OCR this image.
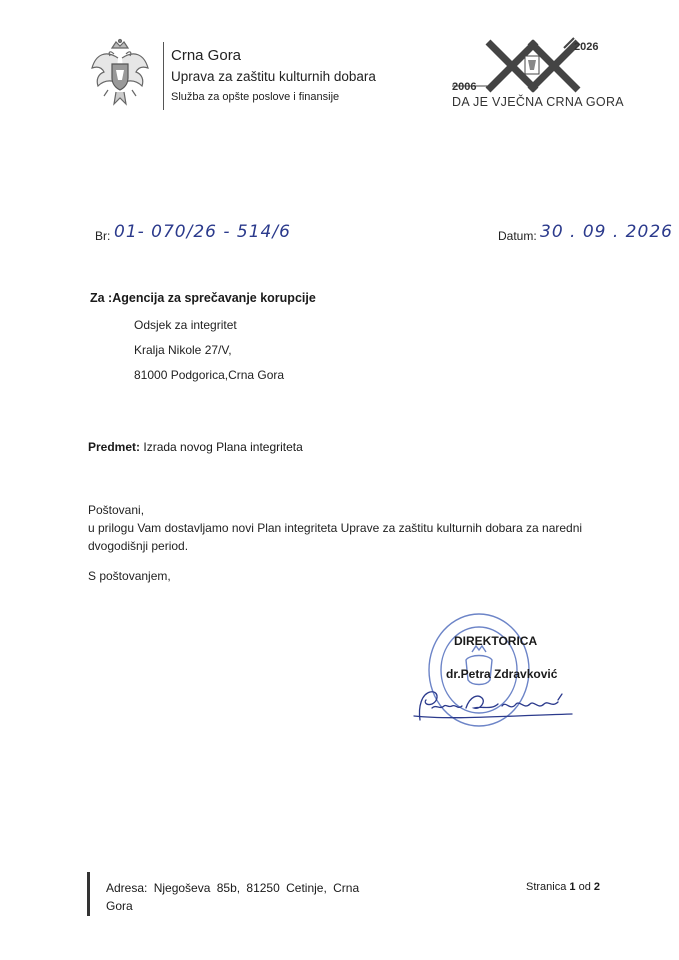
Crna Gora
Uprava za zaštitu kulturnih dobara
Služba za opšte poslove i finansije
2026
2006
DA JE VJEČNA CRNA GORA
Br: 01- 070/26 - 514/6	Datum: 30 . 09 . 2026
Za :Agencija za sprečavanje korupcije
Odsjek za integritet
Kralja Nikole 27/V,
81000 Podgorica,Crna Gora
Predmet: Izrada novog Plana integriteta
Poštovani,
u prilogu Vam dostavljamo novi Plan integriteta Uprave za zaštitu kulturnih dobara za naredni
dvogodišnji period.
S poštovanjem,
DIREKTORICA
dr.Petra Zdravković
Adresa: Njegoševa 85b, 81250 Cetinje, Crna
Gora
Stranica 1 od 2
